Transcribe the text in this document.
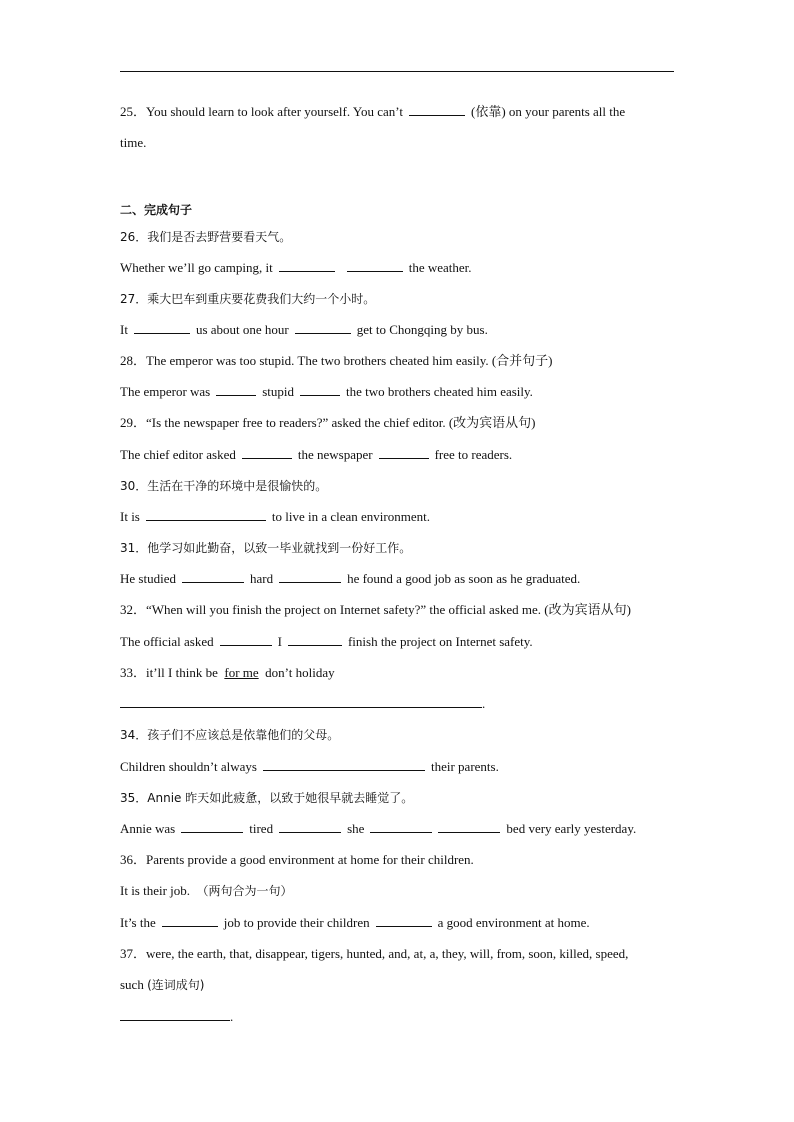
25．You should learn to look after yourself. You can’t	(依靠) on your parents all the
time.
二、完成句子
26．我们是否去野营要看天气。
Whether we’ll go camping, it	the weather.
27．乘大巴车到重庆要花费我们大约一个小时。
It	us about one hour	get to Chongqing by bus.
28．The emperor was too stupid. The two brothers cheated him easily. (合并句子)
The emperor was	stupid	the two brothers cheated him easily.
29．“Is the newspaper free to readers?” asked the chief editor. (改为宾语从句)
The chief editor asked	the newspaper	free to readers.
30．生活在干净的环境中是很愉快的。
It is	to live in a clean environment.
31．他学习如此勤奋，以致一毕业就找到一份好工作。
He studied	hard	he found a good job as soon as he graduated.
32．“When will you finish the project on Internet safety?” the official asked me. (改为宾语从句)
The official asked	I	finish the project on Internet safety.
33．it’ll I think be for me don’t holiday
.
34．孩子们不应该总是依靠他们的父母。
Children shouldn’t always	their parents.
35．Annie 昨天如此疲惫，以致于她很早就去睡觉了。
Annie was	tired	she	bed very early yesterday.
36．Parents provide a good environment at home for their children.
It is their job. （两句合为一句）
It’s the	job to provide their children	a good environment at home.
37．were, the earth, that, disappear, tigers, hunted, and, at, a, they, will, from, soon, killed, speed,
such (连词成句)
.
